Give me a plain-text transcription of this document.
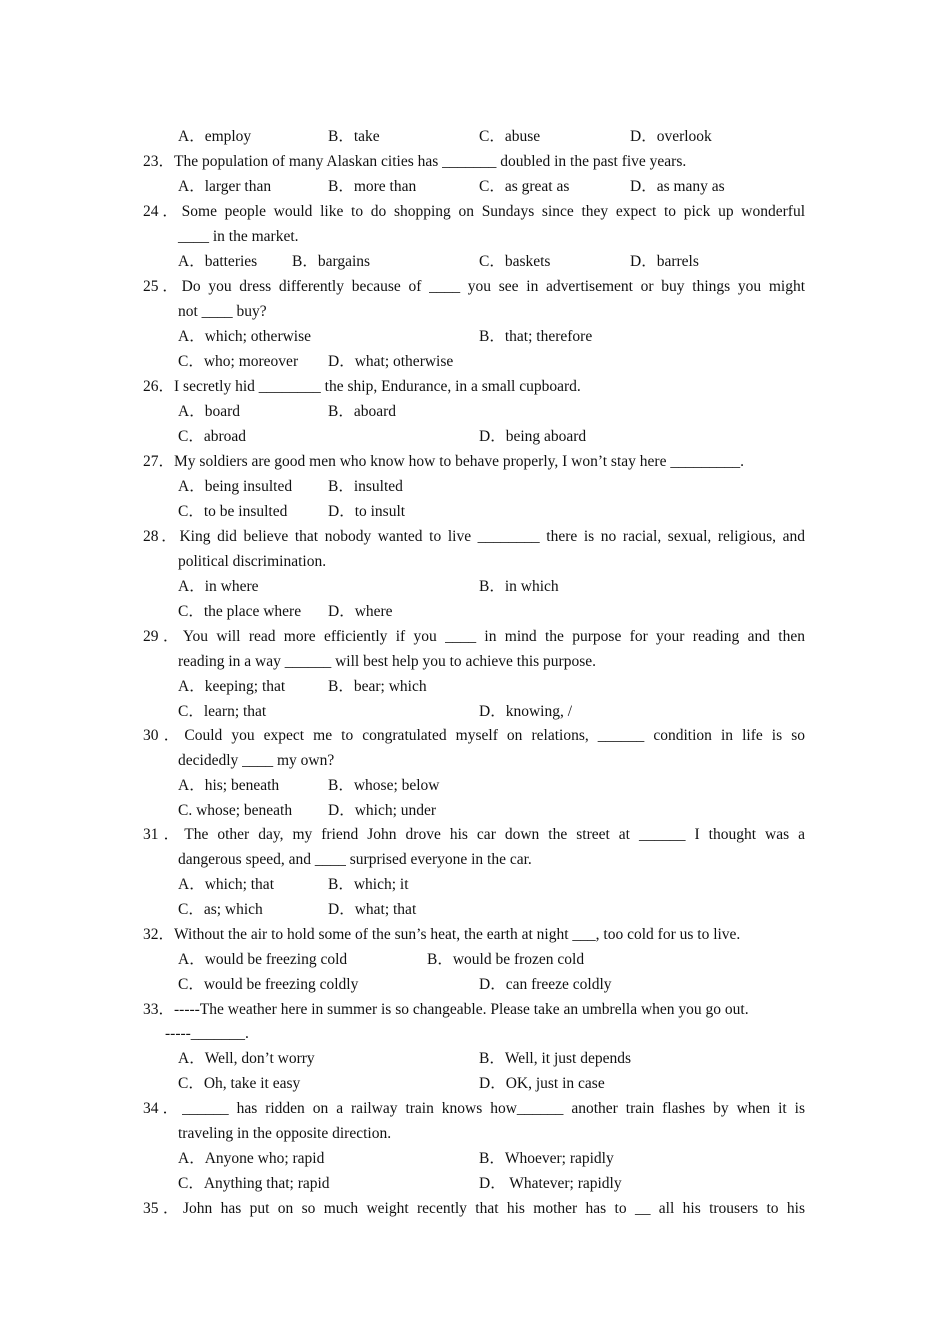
A．employ	B．take	C．abuse	D．overlook
23．The population of many Alaskan cities has _______ doubled in the past five years.
A．larger than	B．more than	C．as great as	D．as many as
24．Some people would like to do shopping on Sundays since they expect to pick up wonderful
____ in the market.
A．batteries B．bargains	C．baskets	D．barrels
25．Do you dress differently because of ____ you see in advertisement or buy things you might
not ____ buy?
A．which; otherwise	B．that; therefore
C．who; moreover D．what; otherwise
26．I secretly hid ________ the ship, Endurance, in a small cupboard.
A．board	B．aboard
C．abroad	D．being aboard
27．My soldiers are good men who know how to behave properly, I won’t stay here _________.
A．being insulted B．insulted
C．to be insulted	D．to insult
28．King did believe that nobody wanted to live ________ there is no racial, sexual, religious, and
political discrimination.
A．in where	B．in which
C．the place where D．where
29．You will read more efficiently if you ____ in mind the purpose for your reading and then
reading in a way ______ will best help you to achieve this purpose.
A．keeping; that	B．bear; which
C．learn; that	D．knowing, /
30．Could you expect me to congratulated myself on relations, ______ condition in life is so
decidedly ____ my own?
A．his; beneath	B．whose; below
C. whose; beneath D．which; under
31．The other day, my friend John drove his car down the street at ______ I thought was a
dangerous speed, and ____ surprised everyone in the car.
A．which; that	B．which; it
C．as; which	D．what; that
32．Without the air to hold some of the sun’s heat, the earth at night ___, too cold for us to live.
A．would be freezing cold	B．would be frozen cold
C．would be freezing coldly	D．can freeze coldly
33．-----The weather here in summer is so changeable. Please take an umbrella when you go out.
-----_______.
A．Well, don’t worry	B．Well, it just depends
C．Oh, take it easy	D．OK, just in case
34．______ has ridden on a railway train knows how______ another train flashes by when it is
traveling in the opposite direction.
A．Anyone who; rapid	B．Whoever; rapidly
C．Anything that; rapid	D． Whatever; rapidly
35．John has put on so much weight recently that his mother has to __ all his trousers to his
